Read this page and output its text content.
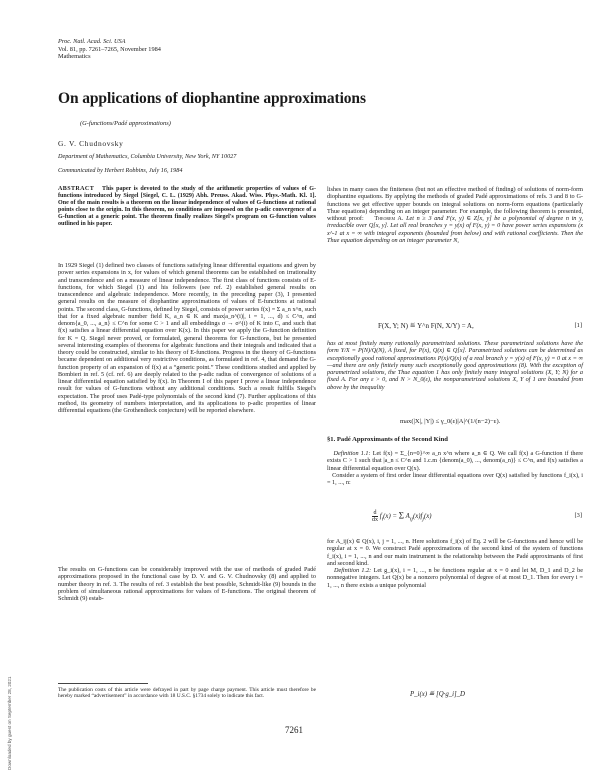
Proc. Natl. Acad. Sci. USA
Vol. 81, pp. 7261–7265, November 1984
Mathematics
On applications of diophantine approximations
(G-functions/Padé approximations)
G. V. Chudnovsky
Department of Mathematics, Columbia University, New York, NY 10027
Communicated by Herbert Robbins, July 16, 1984
Downloaded by guest on September 28, 2021
ABSTRACT This paper is devoted to the study of the arithmetic properties of values of G-functions introduced by Siegel [Siegel, C. L. (1929) Abh. Preuss. Akad. Wiss. Phys.-Math. Kl. 1]. One of the main results is a theorem on the linear independence of values of G-functions at rational points close to the origin. In this theorem, no conditions are imposed on the p-adic convergence of a G-function at a generic point. The theorem finally realizes Siegel's program on G-function values outlined in his paper.
In 1929 Siegel (1) defined two classes of functions satisfying linear differential equations and given by power series expansions in x, for values of which general theorems can be established on irrationality and transcendence and on a measure of linear independence. The first class of functions consists of E-functions, for which Siegel (1) and his followers (see ref. 2) established general results on transcendence and algebraic independence. More recently, in the preceding paper (3), I presented general results on the measure of diophantine approximations of values of E-functions at rational points. The second class, G-functions, defined by Siegel, consists of power series f(x) = Σ a_n x^n, such that for a fixed algebraic number field K, a_n ∈ K and max|a_n^(i)|, i = 1, ..., d) ≤ C^n, and denom{a_0, ..., a_n} ≤ C^n for some C > 1 and all embeddings σ → σ^(i) of K into C, and such that f(x) satisfies a linear differential equation over K(x). In this paper we apply the G-function definition for K = Q. Siegel never proved, or formulated, general theorems for G-functions, but he presented several interesting examples of theorems for algebraic functions and their integrals and indicated that a theory could be constructed, similar to his theory of E-functions. Progress in the theory of G-functions became dependent on additional very restrictive conditions, as formulated in ref. 4, that demand the G-function property of an expansion of f(x) at a “generic point.” These conditions studied and applied by Bombieri in ref. 5 (cf. ref. 6) are deeply related to the p-adic radius of convergence of solutions of a linear differential equation satisfied by f(x). In Theorem I of this paper I prove a linear independence result for values of G-functions without any additional conditions. Such a result fulfills Siegel's expectation. The proof uses Padé-type polynomials of the second kind (7). Further applications of this method, its geometry of numbers interpretation, and its applications to p-adic properties of linear differential equations (the Grothendieck conjecture) will be reported elsewhere.
The results on G-functions can be considerably improved with the use of methods of graded Padé approximations proposed in the functional case by D. V. and G. V. Chudnovsky (8) and applied to number theory in ref. 3. The results of ref. 3 establish the best possible, Schmidt-like (9) bounds in the problem of simultaneous rational approximations for values of E-functions. The original theorem of Schmidt (9) estab-
The publication costs of this article were defrayed in part by page charge payment. This article must therefore be hereby marked “advertisement” in accordance with 18 U.S.C. §1734 solely to indicate this fact.
lishes in many cases the finiteness (but not an effective method of finding) of solutions of norm-form diophantine equations. By applying the methods of graded Padé approximations of refs. 3 and 8 to G-functions we get effective upper bounds on integral solutions on norm-form equations (particularly Thue equations) depending on an integer parameter. For example, the following theorem is presented, without proof: Theorem A. Let n ≥ 3 and F(x, y) ∈ Z[x, y] be a polynomial of degree n in y, irreducible over Q[x, y]. Let all real branches y = y(x) of F(x, y) = 0 have power series expansions (x x^-1 at x = ∞ with integral exponents (bounded from below) and with rational coefficients. Then the Thue equation depending on an integer parameter N,
F(X, Y; N) ≝ Y^n F(N, X/Y) = A,	[1]
has at most finitely many rationally parametrized solutions. These parametrized solutions have the form Y/X = P(N)/Q(N), A fixed, for P(x), Q(x) ∈ Q[x]. Parametrized solutions can be determined as exceptionally good rational approximations P(x)/Q(x) of a real branch y = y(x) of F(x, y) = 0 at x = ∞—and there are only finitely many such exceptionally good approximations (8). With the exception of parametrized solutions, the Thue equation 1 has only finitely many integral solutions (X, Y; N) for a fixed A. For any ε > 0, and N > N_0(ε), the nonparametrized solutions X, Y of 1 are bounded from above by the inequality
max(|X|, |Y|) ≤ γ_0(ε)|A|^(1/(n−2)−ε).
§1. Padé Approximants of the Second Kind
Definition 1.1: Let f(x) = Σ_{n=0}^∞ a_n x^n where a_n ∈ Q. We call f(x) a G-function if there exists C > 1 such that |a_n ≤ C^n and 1.c.m {denom(a_0), ..., denom(a_n)} ≤ C^n, and f(x) satisfies a linear differential equation over Q(x).
Consider a system of first order linear differential equations over Q(x) satisfied by functions f_i(x), i = 1, ..., n:
$\frac{d}{dx} f_i(x) = \Sigma$ $A_{ij}(x)f_j(x)$	[3]
for A_ij(x) ∈ Q(x), i, j = 1, ..., n. Here solutions f_i(x) of Eq. 2 will be G-functions and hence will be regular at x = 0. We construct Padé approximations of the second kind of the system of functions f_i(x), i = 1, ..., n and our main instrument is the relationship between the Padé approximants of first and second kind.
Definition 1.2: Let g_i(x), i = 1, ..., n be functions regular at x = 0 and let M, D_1 and D_2 be nonnegative integers. Let Q(x) be a nonzero polynomial of degree of at most D_1. Then for every i = 1, ..., n there exists a unique polynomial
P_i(x) ≝ [Q·g_i]_D
7261
